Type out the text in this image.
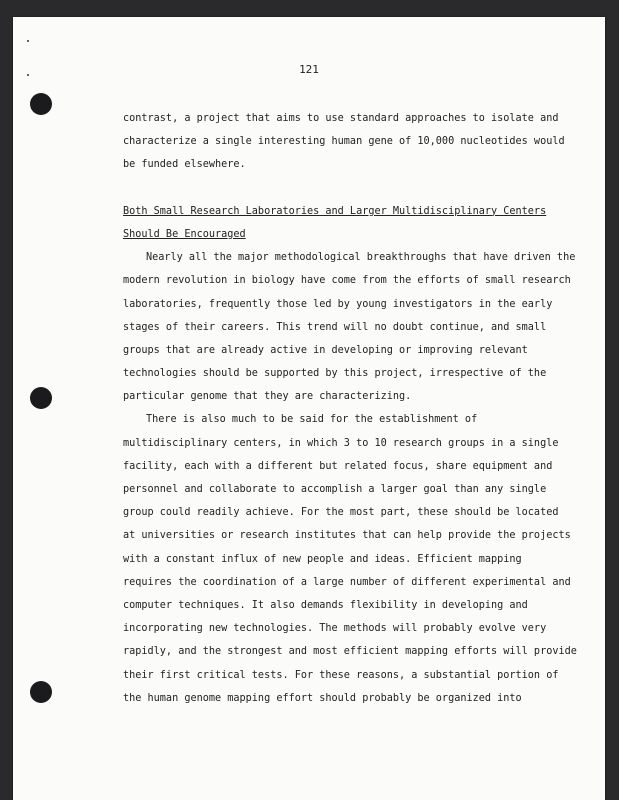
121
contrast, a project that aims to use standard approaches to isolate and
characterize a single interesting human gene of 10,000 nucleotides would
be funded elsewhere.
Both Small Research Laboratories and Larger Multidisciplinary Centers
Should Be Encouraged
Nearly all the major methodological breakthroughs that have driven the
modern revolution in biology have come from the efforts of small research
laboratories, frequently those led by young investigators in the early
stages of their careers. This trend will no doubt continue, and small
groups that are already active in developing or improving relevant
technologies should be supported by this project, irrespective of the
particular genome that they are characterizing.
There is also much to be said for the establishment of
multidisciplinary centers, in which 3 to 10 research groups in a single
facility, each with a different but related focus, share equipment and
personnel and collaborate to accomplish a larger goal than any single
group could readily achieve. For the most part, these should be located
at universities or research institutes that can help provide the projects
with a constant influx of new people and ideas. Efficient mapping
requires the coordination of a large number of different experimental and
computer techniques. It also demands flexibility in developing and
incorporating new technologies. The methods will probably evolve very
rapidly, and the strongest and most efficient mapping efforts will provide
their first critical tests. For these reasons, a substantial portion of
the human genome mapping effort should probably be organized into
